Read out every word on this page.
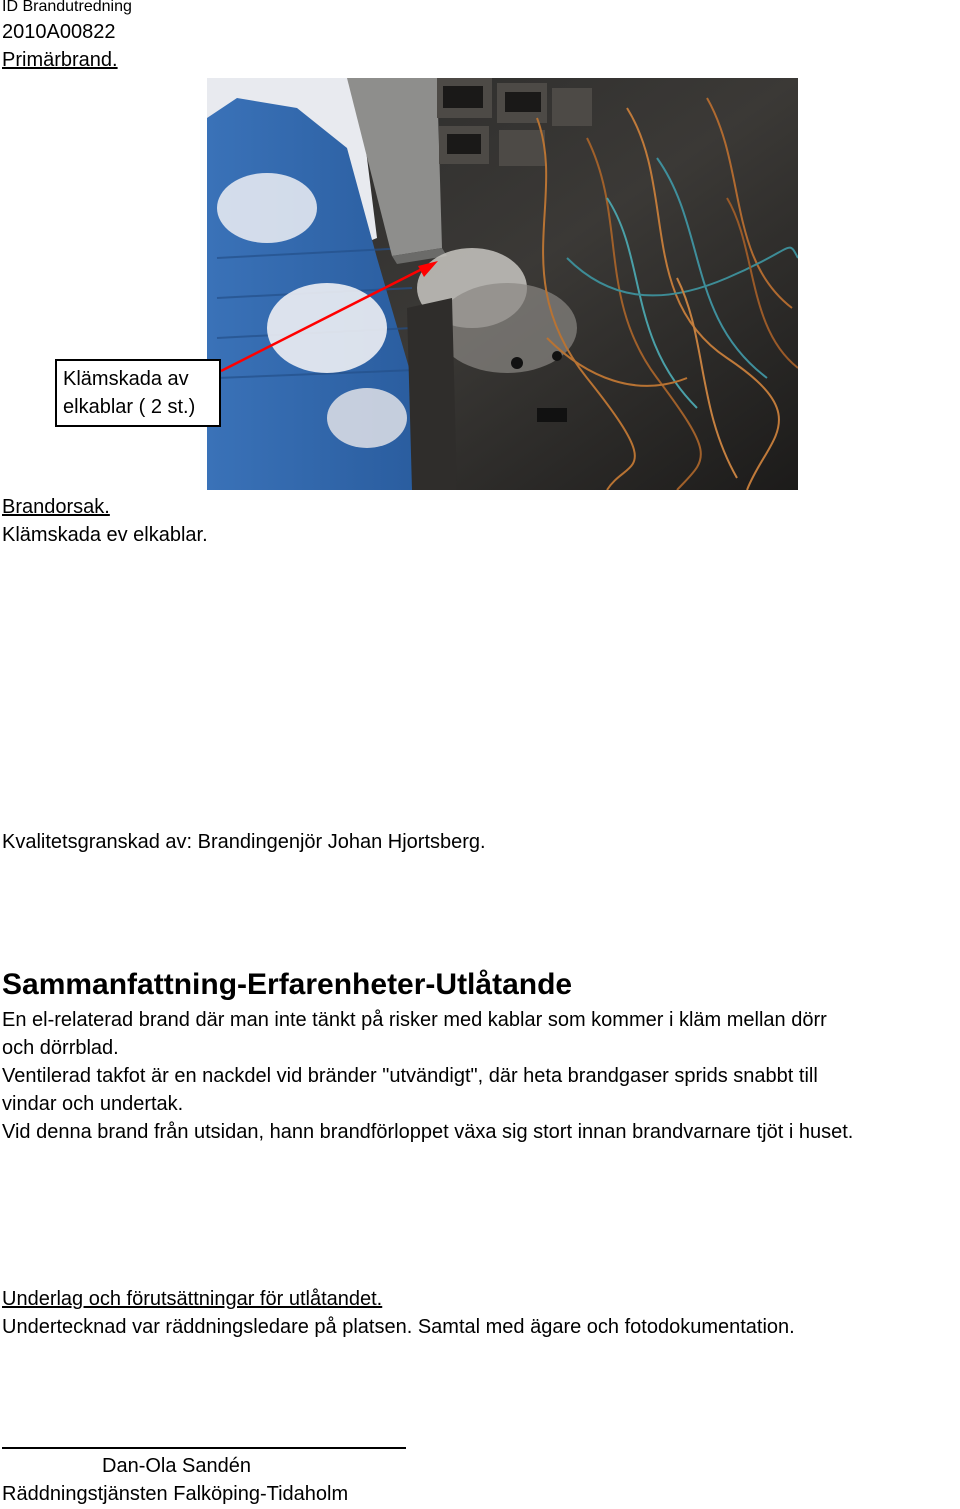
ID Brandutredning
2010A00822
Primärbrand.
Klämskada av
elkablar ( 2 st.)
Brandorsak.
Klämskada ev elkablar.
Kvalitetsgranskad av: Brandingenjör Johan Hjortsberg.
Sammanfattning-Erfarenheter-Utlåtande
En el-relaterad brand där man inte tänkt på risker med kablar som kommer i kläm mellan dörr
och dörrblad.
Ventilerad takfot är en nackdel vid bränder "utvändigt", där heta brandgaser sprids snabbt till
vindar och undertak.
Vid denna brand från utsidan, hann brandförloppet växa sig stort innan brandvarnare tjöt i huset.
Underlag och förutsättningar för utlåtandet.
Undertecknad var räddningsledare på platsen. Samtal med ägare och fotodokumentation.
Dan-Ola Sandén
Räddningstjänsten Falköping-Tidaholm
